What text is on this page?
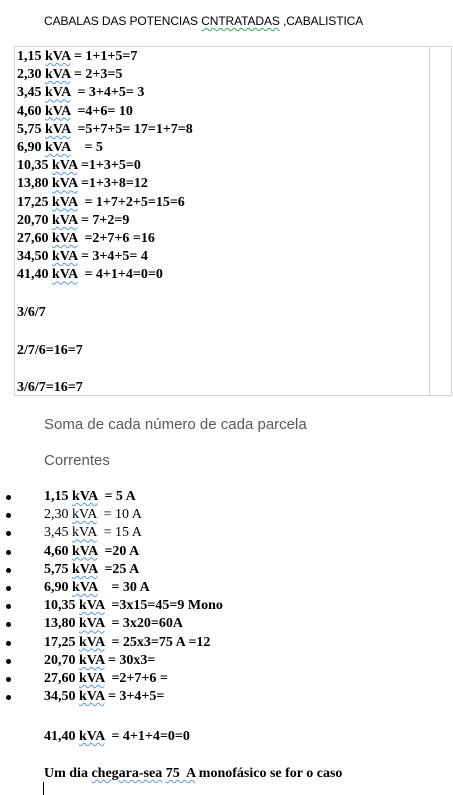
CABALAS DAS POTENCIAS CNTRATADAS ,CABALISTICA
1,15 kVA = 1+1+5=7
2,30 kVA = 2+3=5
3,45 kVA  = 3+4+5= 3
4,60 kVA  =4+6= 10
5,75 kVA  =5+7+5= 17=1+7=8
6,90 kVA    = 5
10,35 kVA =1+3+5=0
13,80 kVA =1+3+8=12
17,25 kVA  = 1+7+2+5=15=6
20,70 kVA = 7+2=9
27,60 kVA  =2+7+6 =16
34,50 kVA = 3+4+5= 4
41,40 kVA  = 4+1+4=0=0
3/6/7
2/7/6=16=7
3/6/7=16=7
Soma de cada número de cada parcela
Correntes
1,15 kVA  = 5 A
2,30 kVA  = 10 A
3,45 kVA  = 15 A
4,60 kVA  =20 A
5,75 kVA  =25 A
6,90 kVA    = 30 A
10,35 kVA  =3x15=45=9 Mono
13,80 kVA  = 3x20=60A
17,25 kVA  = 25x3=75 A =12
20,70 kVA = 30x3=
27,60 kVA  =2+7+6 =
34,50 kVA = 3+4+5=
41,40 kVA  = 4+1+4=0=0
Um dia chegara-sea 75  A monofásico se for o caso
